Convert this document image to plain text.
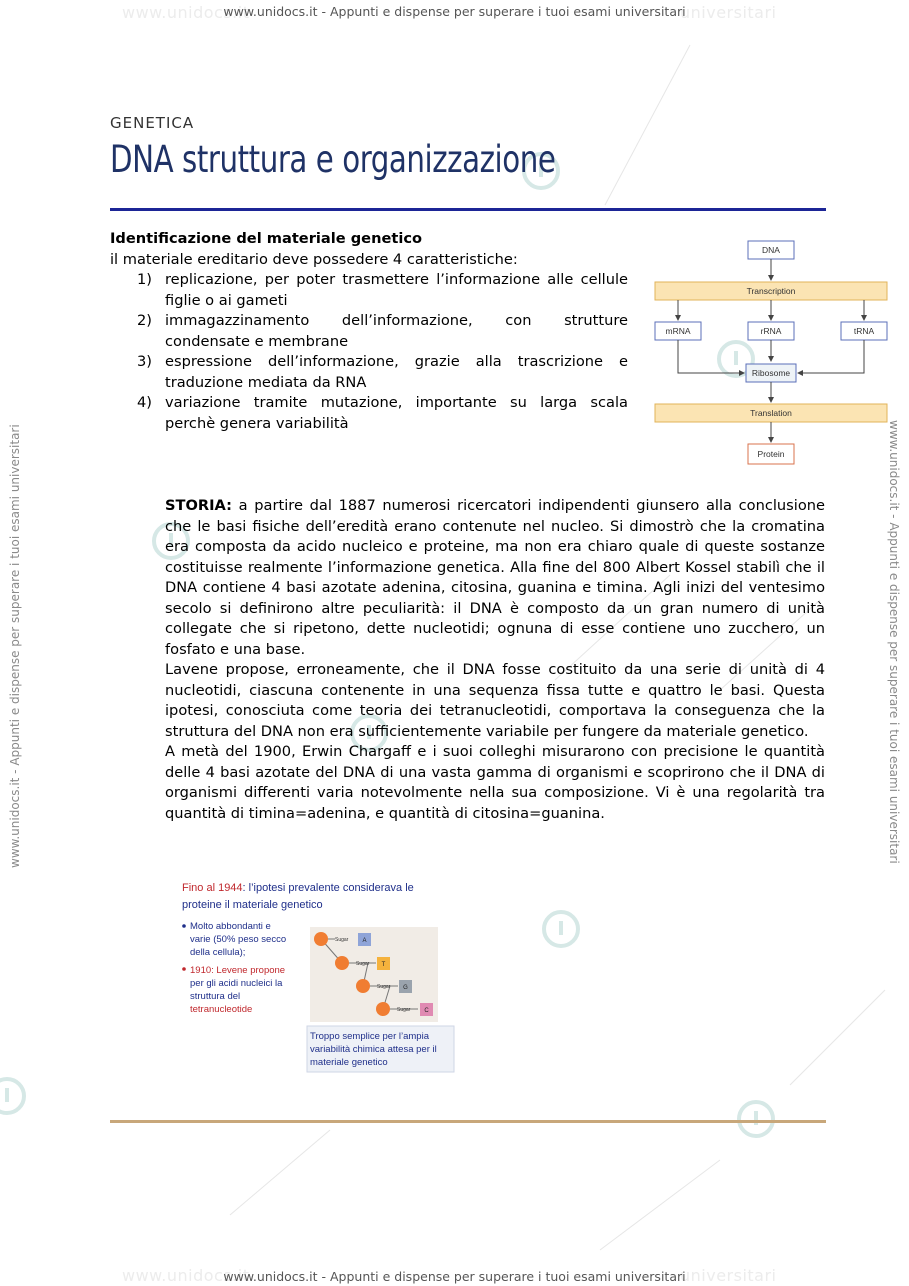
www.unidocs.it	universitari
www.unidocs.it - Appunti e dispense per superare i tuoi esami universitari
www.unidocs.it	universitari
www.unidocs.it - Appunti e dispense per superare i tuoi esami universitari
www.unidocs.it - Appunti e dispense per superare i tuoi esami universitari	www.unidocs.it - Appunti e dispense per superare i tuoi esami universitari
GENETICA
DNA struttura e organizzazione
Identificazione del materiale genetico
il materiale ereditario deve possedere 4 caratteristiche:
1) replicazione, per poter trasmettere l’informazione alle cellule figlie o ai gameti
2) immagazzinamento dell’informazione, con strutture condensate e membrane
3) espressione dell’informazione, grazie alla trascrizione e traduzione mediata da RNA
4) variazione tramite mutazione, importante su larga scala perchè genera variabilità
DNA
Transcription
mRNA	rRNA	tRNA
Ribosome
Translation
Protein

STORIA: a partire dal 1887 numerosi ricercatori indipendenti giunsero alla conclusione che le basi fisiche dell’eredità erano contenute nel nucleo. Si dimostrò che la cromatina era composta da acido nucleico e proteine, ma non era chiaro quale di queste sostanze costituisse realmente l’informazione genetica. Alla fine del 800 Albert Kossel stabilì che il DNA contiene 4 basi azotate adenina, citosina, guanina e timina. Agli inizi del ventesimo secolo si definirono altre peculiarità: il DNA è composto da un gran numero di unità collegate che si ripetono, dette nucleotidi; ognuna di esse contiene uno zucchero, un fosfato e una base.

Lavene propose, erroneamente, che il DNA fosse costituito da una serie di unità di 4 nucleotidi, ciascuna contenente in una sequenza fissa tutte e quattro le basi. Questa ipotesi, conosciuta come teoria dei tetranucleotidi, comportava la conseguenza che la struttura del DNA non era sufficientemente variabile per fungere da materiale genetico.

A metà del 1900, Erwin Chargaff e i suoi colleghi misurarono con precisione le quantità delle 4 basi azotate del DNA di una vasta gamma di organismi e scoprirono che il DNA di organismi differenti varia notevolmente nella sua composizione. Vi è una regolarità tra quantità di timina=adenina, e quantità di citosina=guanina.

Fino al 1944: l’ipotesi prevalente considerava le
proteine il materiale genetico
Molto abbondanti e
varie (50% peso secco
della cellula);
1910: Levene propone
per gli acidi nucleici la
struttura del
tetranucleotide
Sugar A
Sugar T
Sugar G
Sugar C
Troppo semplice per l’ampia
variabilità chimica attesa per il
materiale genetico
